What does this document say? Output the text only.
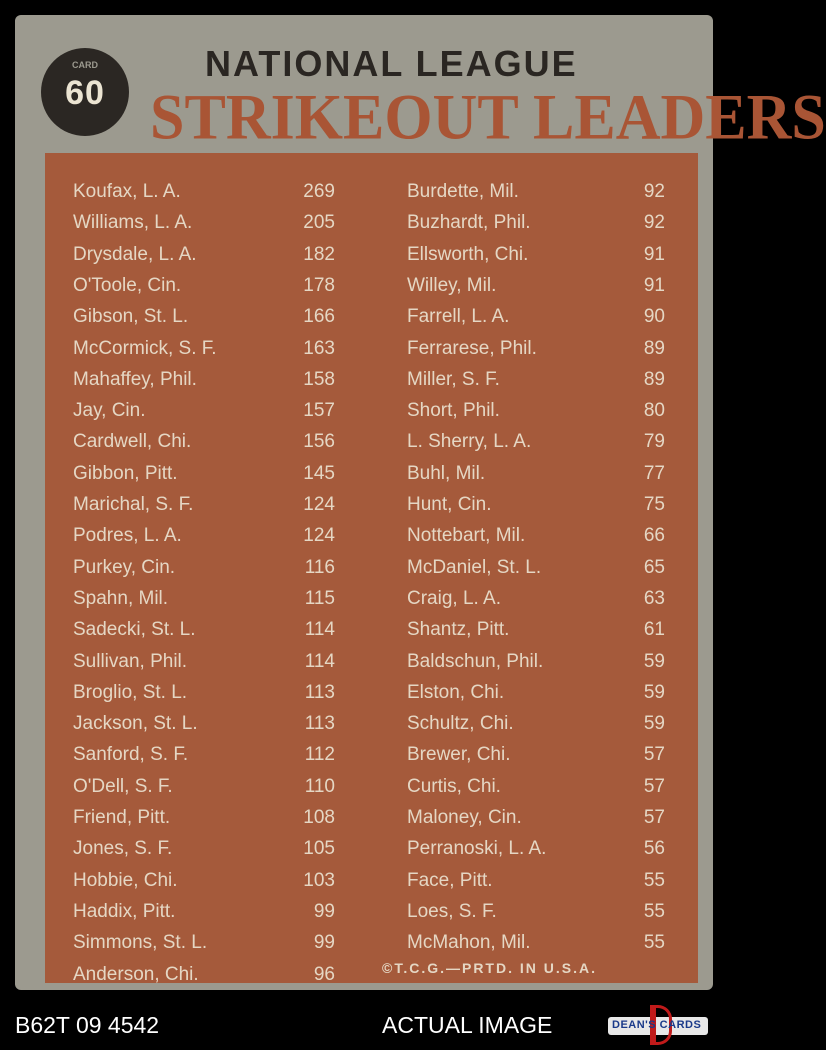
CARD
60
NATIONAL LEAGUE
STRIKEOUT LEADERS
Koufax, L. A.	269
Williams, L. A.	205
Drysdale, L. A.	182
O'Toole, Cin.	178
Gibson, St. L.	166
McCormick, S. F.	163
Mahaffey, Phil.	158
Jay, Cin.	157
Cardwell, Chi.	156
Gibbon, Pitt.	145
Marichal, S. F.	124
Podres, L. A.	124
Purkey, Cin.	116
Spahn, Mil.	115
Sadecki, St. L.	114
Sullivan, Phil.	114
Broglio, St. L.	113
Jackson, St. L.	113
Sanford, S. F.	112
O'Dell, S. F.	110
Friend, Pitt.	108
Jones, S. F.	105
Hobbie, Chi.	103
Haddix, Pitt.	99
Simmons, St. L.	99
Anderson, Chi.	96
Burdette, Mil.	92
Buzhardt, Phil.	92
Ellsworth, Chi.	91
Willey, Mil.	91
Farrell, L. A.	90
Ferrarese, Phil.	89
Miller, S. F.	89
Short, Phil.	80
L. Sherry, L. A.	79
Buhl, Mil.	77
Hunt, Cin.	75
Nottebart, Mil.	66
McDaniel, St. L.	65
Craig, L. A.	63
Shantz, Pitt.	61
Baldschun, Phil.	59
Elston, Chi.	59
Schultz, Chi.	59
Brewer, Chi.	57
Curtis, Chi.	57
Maloney, Cin.	57
Perranoski, L. A.	56
Face, Pitt.	55
Loes, S. F.	55
McMahon, Mil.	55
©T.C.G.—PRTD. IN U.S.A.
B62T 09 4542	ACTUAL IMAGE	DEAN'S CARDS
